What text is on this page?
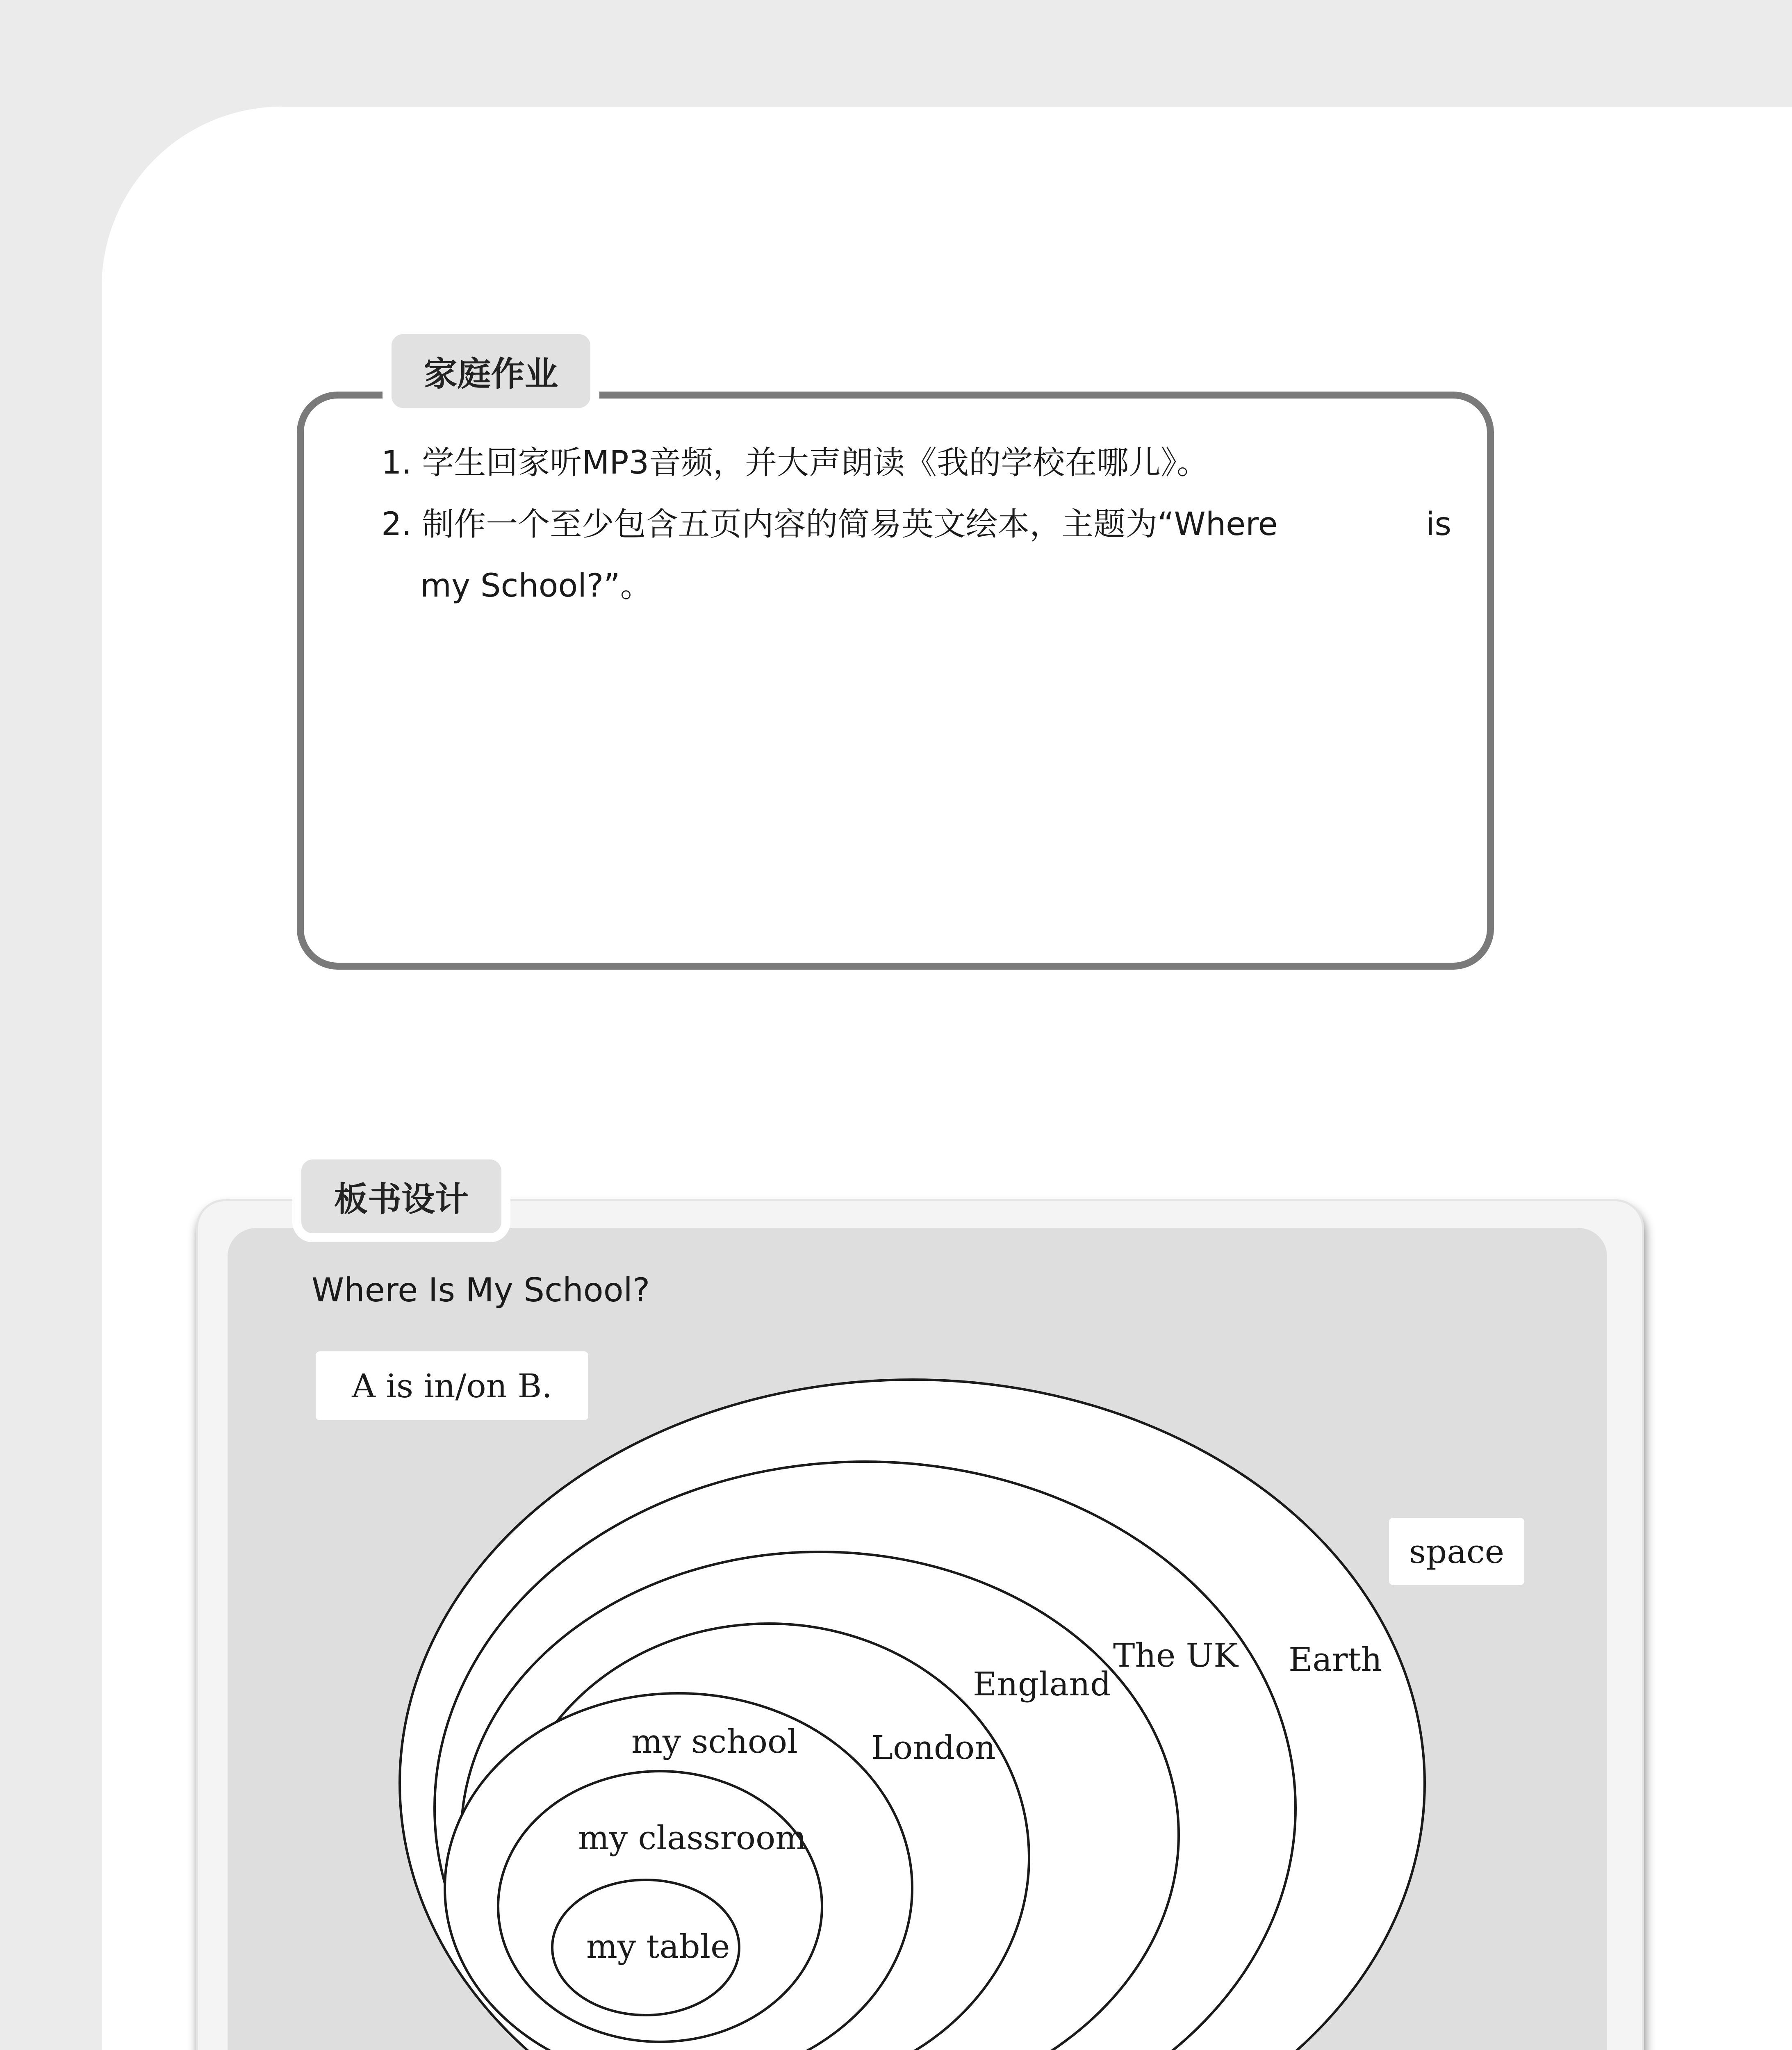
家庭作业
1. 学生回家听MP3音频，并大声朗读《我的学校在哪儿》。
2. 制作一个至少包含五页内容的简易英文绘本，主题为“Where	is
my School?”。
板书设计
Where Is My School?
A is in/on B.
space
Earth
The UK
England
London
my school
my classroom
my table
